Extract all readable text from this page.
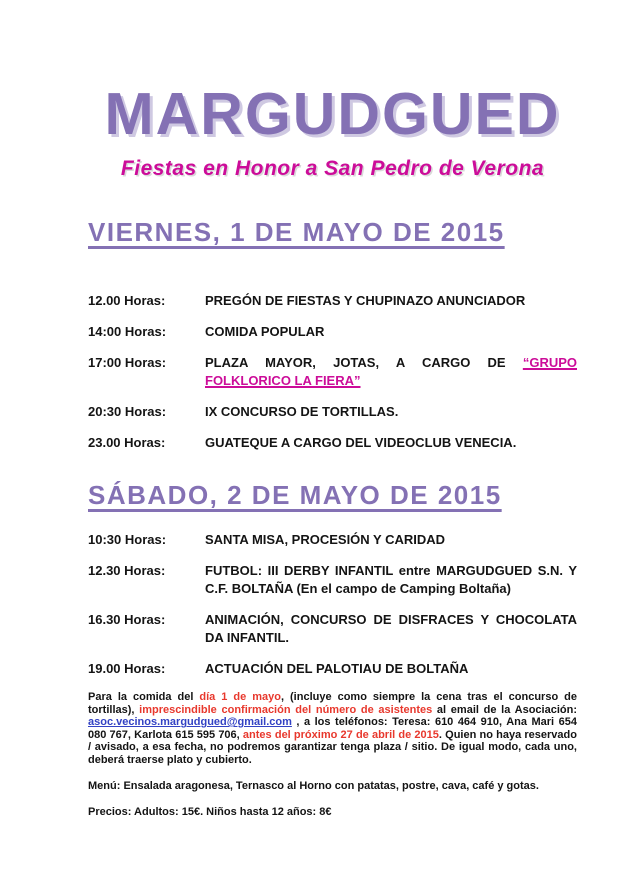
MARGUDGUED
Fiestas en Honor a San Pedro de Verona
VIERNES, 1 DE MAYO DE 2015
12.00 Horas:	PREGÓN DE FIESTAS Y CHUPINAZO ANUNCIADOR
14:00 Horas:	COMIDA POPULAR
17:00 Horas:	PLAZA MAYOR, JOTAS, A CARGO DE “GRUPO FOLKLORICO LA FIERA”
20:30 Horas:	IX CONCURSO DE TORTILLAS.
23.00 Horas:	GUATEQUE A CARGO DEL VIDEOCLUB VENECIA.
SÁBADO, 2 DE MAYO DE 2015
10:30 Horas:	SANTA MISA, PROCESIÓN Y CARIDAD
12.30 Horas:	FUTBOL: III DERBY INFANTIL entre MARGUDGUED S.N. Y C.F. BOLTAÑA (En el campo de Camping Boltaña)
16.30 Horas:	ANIMACIÓN, CONCURSO DE DISFRACES Y CHOCOLATA DA INFANTIL.
19.00 Horas:	ACTUACIÓN DEL PALOTIAU DE BOLTAÑA

Para la comida del día 1 de mayo, (incluye como siempre la cena tras el concurso de tortillas), imprescindible confirmación del número de asistentes al email de la Asociación: asoc.vecinos.margudgued@gmail.com , a los teléfonos: Teresa: 610 464 910, Ana Mari 654 080 767, Karlota 615 595 706, antes del próximo 27 de abril de 2015. Quien no haya reservado / avisado, a esa fecha, no podremos garantizar tenga plaza / sitio. De igual modo, cada uno, deberá traerse plato y cubierto.

Menú: Ensalada aragonesa, Ternasco al Horno con patatas, postre, cava, café y gotas.
Precios: Adultos: 15€. Niños hasta 12 años: 8€
